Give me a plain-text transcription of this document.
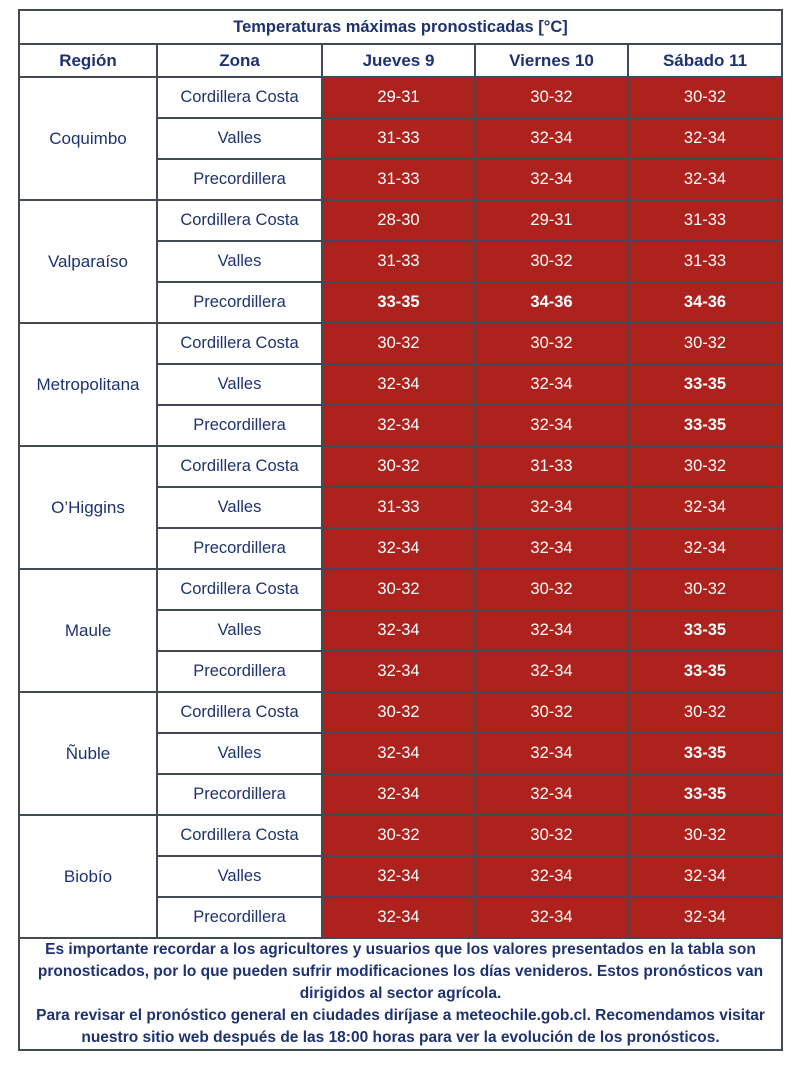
Temperaturas máximas pronosticadas [°C]				
Región	Zona	Jueves 9	Viernes 10	Sábado 11
Coquimbo	Cordillera Costa	29-31	30-32	30-32
	Valles	31-33	32-34	32-34
	Precordillera	31-33	32-34	32-34
Valparaíso	Cordillera Costa	28-30	29-31	31-33
	Valles	31-33	30-32	31-33
	Precordillera	33-35	34-36	34-36
Metropolitana	Cordillera Costa	30-32	30-32	30-32
	Valles	32-34	32-34	33-35
	Precordillera	32-34	32-34	33-35
O’Higgins	Cordillera Costa	30-32	31-33	30-32
	Valles	31-33	32-34	32-34
	Precordillera	32-34	32-34	32-34
Maule	Cordillera Costa	30-32	30-32	30-32
	Valles	32-34	32-34	33-35
	Precordillera	32-34	32-34	33-35
Ñuble	Cordillera Costa	30-32	30-32	30-32
	Valles	32-34	32-34	33-35
	Precordillera	32-34	32-34	33-35
Biobío	Cordillera Costa	30-32	30-32	30-32
	Valles	32-34	32-34	32-34
	Precordillera	32-34	32-34	32-34

Es importante recordar a los agricultores y usuarios que los valores presentados en la tabla son
pronosticados, por lo que pueden sufrir modificaciones los días venideros. Estos pronósticos van
dirigidos al sector agrícola.
Para revisar el pronóstico general en ciudades diríjase a meteochile.gob.cl. Recomendamos visitar
nuestro sitio web después de las 18:00 horas para ver la evolución de los pronósticos.				
